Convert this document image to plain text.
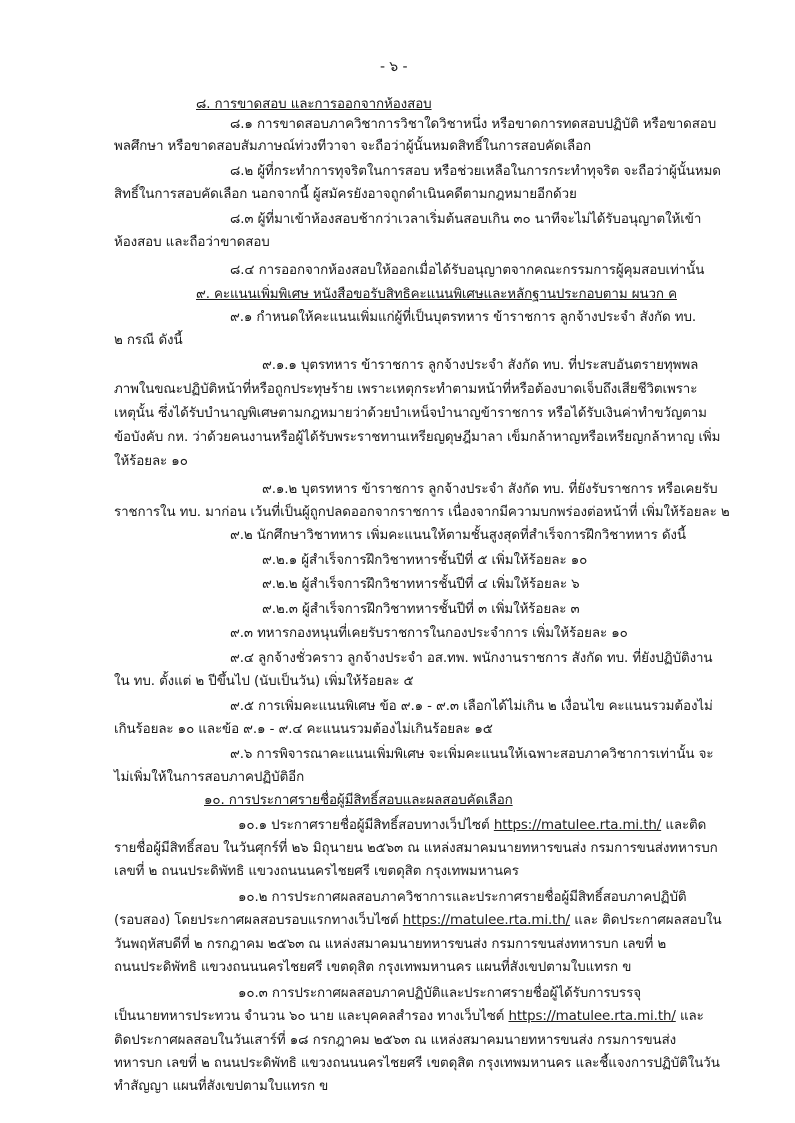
- ๖ -
๘. การขาดสอบ และการออกจากห้องสอบ
๘.๑ การขาดสอบภาควิชาการวิชาใดวิชาหนึ่ง หรือขาดการทดสอบปฏิบัติ หรือขาดสอบ
พลศึกษา หรือขาดสอบสัมภาษณ์ท่วงทีวาจา จะถือว่าผู้นั้นหมดสิทธิ์ในการสอบคัดเลือก
๘.๒ ผู้ที่กระทำการทุจริตในการสอบ หรือช่วยเหลือในการกระทำทุจริต จะถือว่าผู้นั้นหมด
สิทธิ์ในการสอบคัดเลือก นอกจากนี้ ผู้สมัครยังอาจถูกดำเนินคดีตามกฎหมายอีกด้วย
๘.๓ ผู้ที่มาเข้าห้องสอบช้ากว่าเวลาเริ่มต้นสอบเกิน ๓๐ นาทีจะไม่ได้รับอนุญาตให้เข้า
ห้องสอบ และถือว่าขาดสอบ
๘.๔ การออกจากห้องสอบให้ออกเมื่อได้รับอนุญาตจากคณะกรรมการผู้คุมสอบเท่านั้น
๙. คะแนนเพิ่มพิเศษ หนังสือขอรับสิทธิคะแนนพิเศษและหลักฐานประกอบตาม ผนวก ค
๙.๑ กำหนดให้คะแนนเพิ่มแก่ผู้ที่เป็นบุตรทหาร ข้าราชการ ลูกจ้างประจำ สังกัด ทบ.
๒ กรณี ดังนี้
๙.๑.๑ บุตรทหาร ข้าราชการ ลูกจ้างประจำ สังกัด ทบ. ที่ประสบอันตรายทุพพล
ภาพในขณะปฏิบัติหน้าที่หรือถูกประทุษร้าย เพราะเหตุกระทำตามหน้าที่หรือต้องบาดเจ็บถึงเสียชีวิตเพราะ
เหตุนั้น ซึ่งได้รับบำนาญพิเศษตามกฎหมายว่าด้วยบำเหน็จบำนาญข้าราชการ หรือได้รับเงินค่าทำขวัญตาม
ข้อบังคับ กห. ว่าด้วยคนงานหรือผู้ได้รับพระราชทานเหรียญดุษฎีมาลา เข็มกล้าหาญหรือเหรียญกล้าหาญ เพิ่ม
ให้ร้อยละ ๑๐
๙.๑.๒ บุตรทหาร ข้าราชการ ลูกจ้างประจำ สังกัด ทบ. ที่ยังรับราชการ หรือเคยรับ
ราชการใน ทบ. มาก่อน เว้นที่เป็นผู้ถูกปลดออกจากราชการ เนื่องจากมีความบกพร่องต่อหน้าที่ เพิ่มให้ร้อยละ ๒
๙.๒ นักศึกษาวิชาทหาร เพิ่มคะแนนให้ตามชั้นสูงสุดที่สำเร็จการฝึกวิชาทหาร ดังนี้
๙.๒.๑ ผู้สำเร็จการฝึกวิชาทหารชั้นปีที่ ๕ เพิ่มให้ร้อยละ ๑๐
๙.๒.๒ ผู้สำเร็จการฝึกวิชาทหารชั้นปีที่ ๔ เพิ่มให้ร้อยละ ๖
๙.๒.๓ ผู้สำเร็จการฝึกวิชาทหารชั้นปีที่ ๓ เพิ่มให้ร้อยละ ๓
๙.๓ ทหารกองหนุนที่เคยรับราชการในกองประจำการ เพิ่มให้ร้อยละ ๑๐
๙.๔ ลูกจ้างชั่วคราว ลูกจ้างประจำ อส.ทพ. พนักงานราชการ สังกัด ทบ. ที่ยังปฏิบัติงาน
ใน ทบ. ตั้งแต่ ๒ ปีขึ้นไป (นับเป็นวัน) เพิ่มให้ร้อยละ ๕
๙.๕ การเพิ่มคะแนนพิเศษ ข้อ ๙.๑ - ๙.๓ เลือกได้ไม่เกิน ๒ เงื่อนไข คะแนนรวมต้องไม่
เกินร้อยละ ๑๐ และข้อ ๙.๑ - ๙.๔ คะแนนรวมต้องไม่เกินร้อยละ ๑๕
๙.๖ การพิจารณาคะแนนเพิ่มพิเศษ จะเพิ่มคะแนนให้เฉพาะสอบภาควิชาการเท่านั้น จะ
ไม่เพิ่มให้ในการสอบภาคปฏิบัติอีก
๑๐. การประกาศรายชื่อผู้มีสิทธิ์สอบและผลสอบคัดเลือก
๑๐.๑ ประกาศรายชื่อผู้มีสิทธิ์สอบทางเว็ปไซต์ https://matulee.rta.mi.th/ และติด
รายชื่อผู้มีสิทธิ์สอบ ในวันศุกร์ที่ ๒๖ มิถุนายน ๒๕๖๓ ณ แหล่งสมาคมนายทหารขนส่ง กรมการขนส่งทหารบก
เลขที่ ๒ ถนนประดิพัทธิ แขวงถนนนครไชยศรี เขตดุสิต กรุงเทพมหานคร
๑๐.๒ การประกาศผลสอบภาควิชาการและประกาศรายชื่อผู้มีสิทธิ์สอบภาคปฏิบัติ
(รอบสอง) โดยประกาศผลสอบรอบแรกทางเว็บไซต์ https://matulee.rta.mi.th/ และ ติดประกาศผลสอบใน
วันพฤหัสบดีที่ ๒ กรกฎาคม ๒๕๖๓ ณ แหล่งสมาคมนายทหารขนส่ง กรมการขนส่งทหารบก เลขที่ ๒
ถนนประดิพัทธิ แขวงถนนนครไชยศรี เขตดุสิต กรุงเทพมหานคร แผนที่สังเขปตามใบแทรก ข
๑๐.๓ การประกาศผลสอบภาคปฏิบัติและประกาศรายชื่อผู้ได้รับการบรรจุ
เป็นนายทหารประทวน จำนวน ๖๐ นาย และบุคคลสำรอง ทางเว็บไซต์ https://matulee.rta.mi.th/ และ
ติดประกาศผลสอบในวันเสาร์ที่ ๑๘ กรกฎาคม ๒๕๖๓ ณ แหล่งสมาคมนายทหารขนส่ง กรมการขนส่ง
ทหารบก เลขที่ ๒ ถนนประดิพัทธิ แขวงถนนนครไชยศรี เขตดุสิต กรุงเทพมหานคร และชี้แจงการปฏิบัติในวัน
ทำสัญญา แผนที่สังเขปตามใบแทรก ข
